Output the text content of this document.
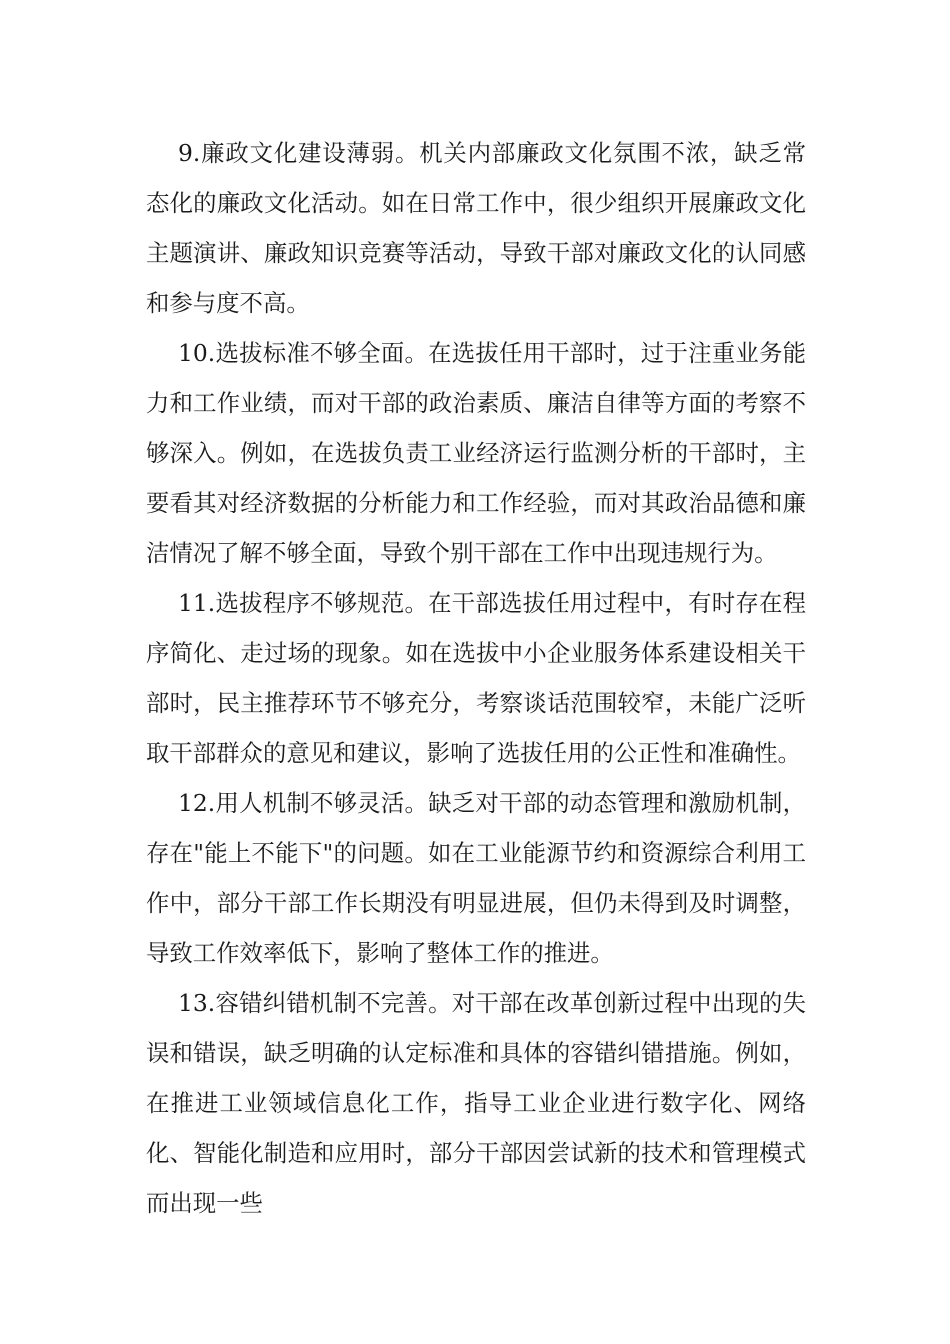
9.廉政文化建设薄弱。机关内部廉政文化氛围不浓，缺乏常态化的廉政文化活动。如在日常工作中，很少组织开展廉政文化主题演讲、廉政知识竞赛等活动，导致干部对廉政文化的认同感和参与度不高。

10.选拔标准不够全面。在选拔任用干部时，过于注重业务能力和工作业绩，而对干部的政治素质、廉洁自律等方面的考察不够深入。例如，在选拔负责工业经济运行监测分析的干部时，主要看其对经济数据的分析能力和工作经验，而对其政治品德和廉洁情况了解不够全面，导致个别干部在工作中出现违规行为。

11.选拔程序不够规范。在干部选拔任用过程中，有时存在程序简化、走过场的现象。如在选拔中小企业服务体系建设相关干部时，民主推荐环节不够充分，考察谈话范围较窄，未能广泛听取干部群众的意见和建议，影响了选拔任用的公正性和准确性。

12.用人机制不够灵活。缺乏对干部的动态管理和激励机制，存在"能上不能下"的问题。如在工业能源节约和资源综合利用工作中，部分干部工作长期没有明显进展，但仍未得到及时调整，导致工作效率低下，影响了整体工作的推进。

13.容错纠错机制不完善。对干部在改革创新过程中出现的失误和错误，缺乏明确的认定标准和具体的容错纠错措施。例如，在推进工业领域信息化工作，指导工业企业进行数字化、网络化、智能化制造和应用时，部分干部因尝试新的技术和管理模式而出现一些
